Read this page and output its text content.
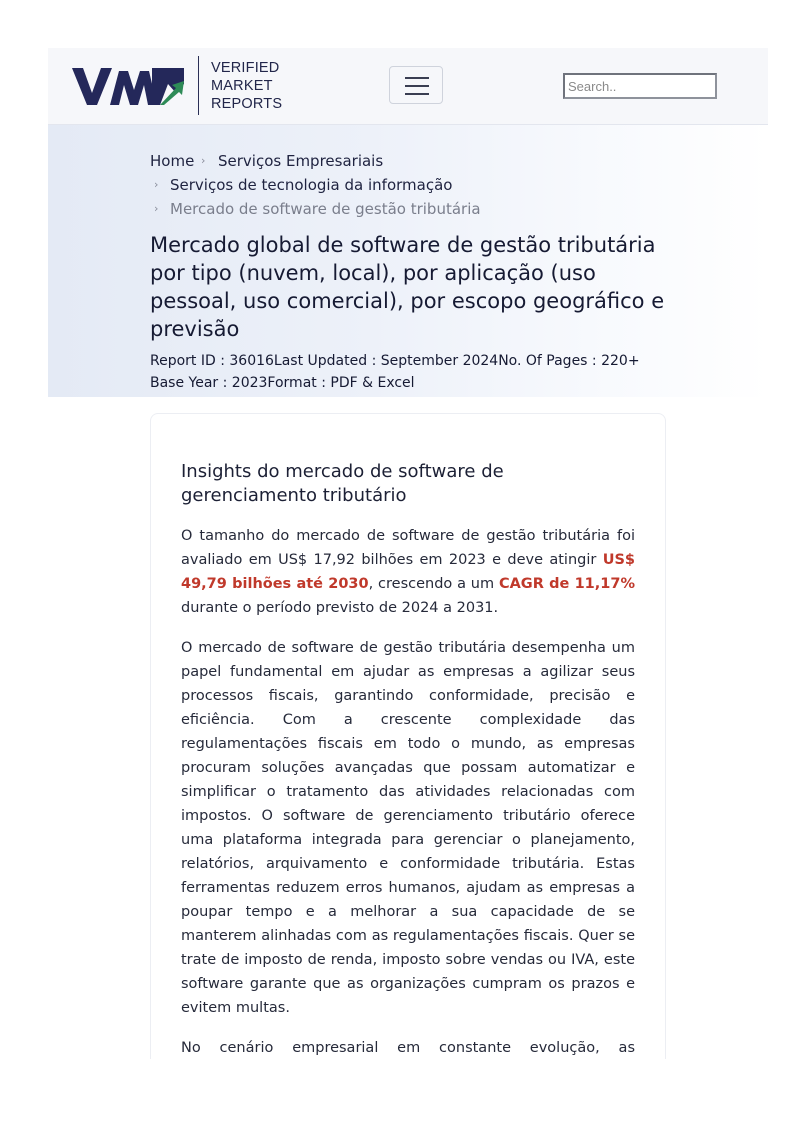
VERIFIED
MARKET
REPORTS
Search..
Home › Serviços Empresariais
› Serviços de tecnologia da informação
› Mercado de software de gestão tributária
Mercado global de software de gestão tributária por tipo (nuvem, local), por aplicação (uso pessoal, uso comercial), por escopo geográfico e previsão
Report ID : 36016Last Updated : September 2024No. Of Pages : 220+
Base Year : 2023Format : PDF & Excel
Insights do mercado de software de gerenciamento tributário

O tamanho do mercado de software de gestão tributária foi avaliado em US$ 17,92 bilhões em 2023 e deve atingir US$ 49,79 bilhões até 2030, crescendo a um CAGR de 11,17% durante o período previsto de 2024 a 2031.

O mercado de software de gestão tributária desempenha um papel fundamental em ajudar as empresas a agilizar seus processos fiscais, garantindo conformidade, precisão e eficiência. Com a crescente complexidade das regulamentações fiscais em todo o mundo, as empresas procuram soluções avançadas que possam automatizar e simplificar o tratamento das atividades relacionadas com impostos. O software de gerenciamento tributário oferece uma plataforma integrada para gerenciar o planejamento, relatórios, arquivamento e conformidade tributária. Estas ferramentas reduzem erros humanos, ajudam as empresas a poupar tempo e a melhorar a sua capacidade de se manterem alinhadas com as regulamentações fiscais. Quer se trate de imposto de renda, imposto sobre vendas ou IVA, este software garante que as organizações cumpram os prazos e evitem multas.

No cenário empresarial em constante evolução, as
